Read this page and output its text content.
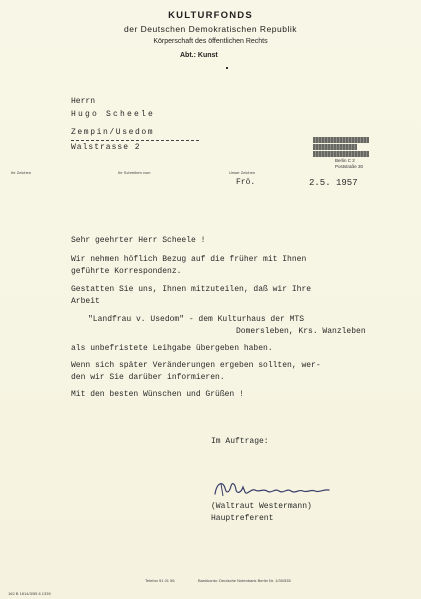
KULTURFONDS
der Deutschen Demokratischen Republik
Körperschaft des öffentlichen Rechts
Abt.: Kunst
Herrn
Hugo Scheele
Zempin/Usedom
Walstrasse 2
Berlin C 2
Poststraße 30
Ihr Zeichen	Ihr Schreiben vom	Unser Zeichen
Frö.	2.5. 1957
Sehr geehrter Herr Scheele !
Wir nehmen höflich Bezug auf die früher mit Ihnen
geführte Korrespondenz.
Gestatten Sie uns, Ihnen mitzuteilen, daß wir Ihre
Arbeit
"Landfrau v. Usedom" - dem Kulturhaus der MTS
Domersleben, Krs. Wanzleben
als unbefristete Leihgabe übergeben haben.
Wenn sich später Veränderungen ergeben sollten, wer-
den wir Sie darüber informieren.
Mit den besten Wünschen und Grüßen !
Im Auftrage:
(Waltraut Westermann)
Hauptreferent
162 B 1814/3/55 6 1339
Telefon 51 01 56	Bankkonto: Deutsche Notenbank Berlin Nr. 1/30/535
